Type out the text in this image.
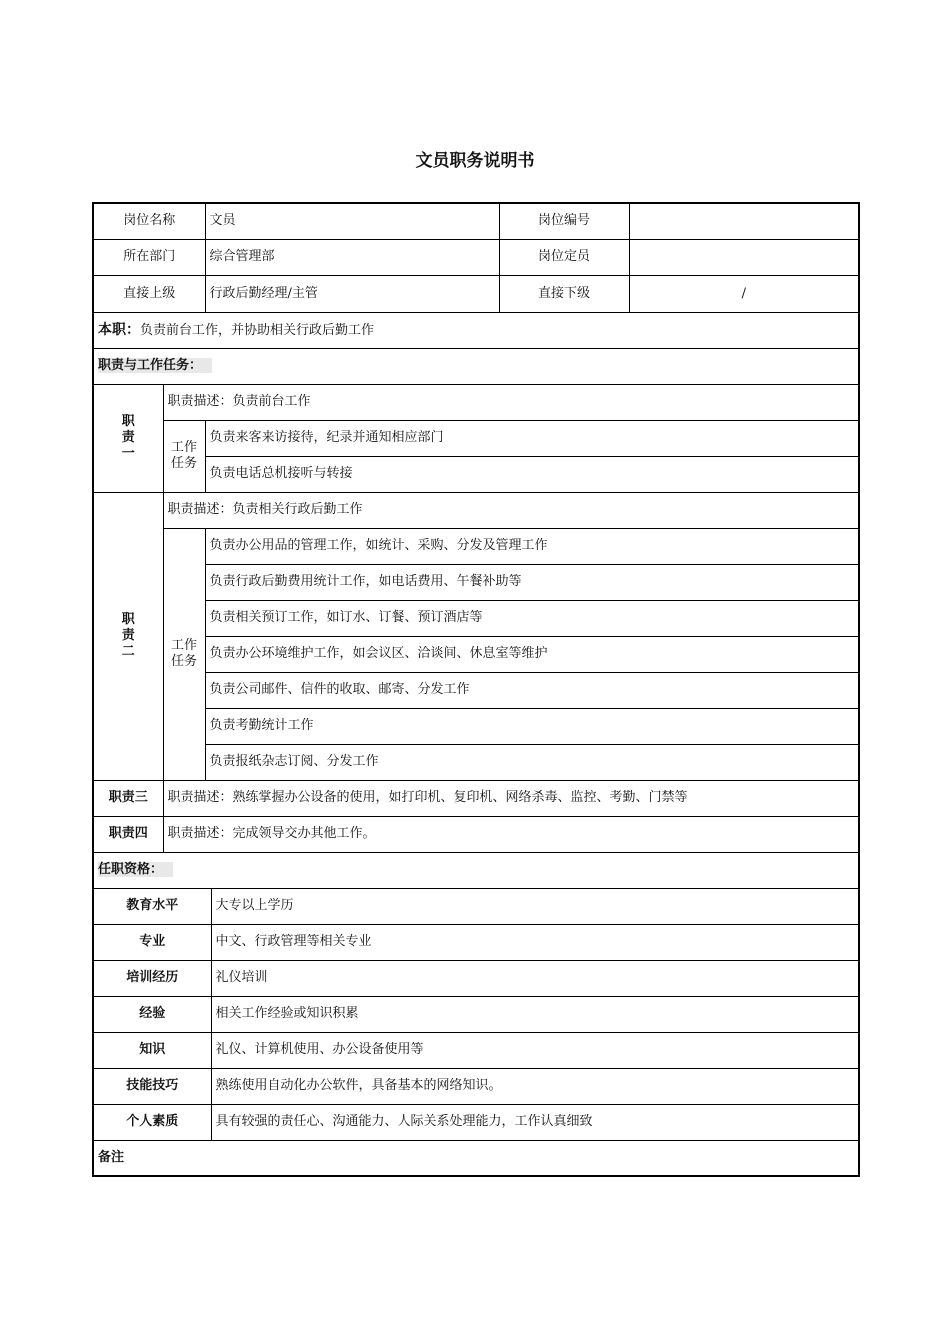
文员职务说明书
岗位名称		文员		岗位编号	
所在部门		综合管理部		岗位定员	
直接上级		行政后勤经理/主管		直接下级	/
本职：负责前台工作，并协助相关行政后勤工作					
职责与工作任务：					

职
责
一	职责描述：负责前台工作				

	工作
任务	负责来客来访接待，纪录并通知相应部门			
		负责电话总机接听与转接			

职
责
二	职责描述：负责相关行政后勤工作				

	工作
任务	负责办公用品的管理工作，如统计、采购、分发及管理工作			
		负责行政后勤费用统计工作，如电话费用、午餐补助等			
		负责相关预订工作，如订水、订餐、预订酒店等			
		负责办公环境维护工作，如会议区、洽谈间、休息室等维护			
		负责公司邮件、信件的收取、邮寄、分发工作			
		负责考勤统计工作			
		负责报纸杂志订阅、分发工作			
职责三	职责描述：熟练掌握办公设备的使用，如打印机、复印机、网络杀毒、监控、考勤、门禁等				
职责四	职责描述：完成领导交办其他工作。				
任职资格：					
教育水平			大专以上学历		
专业			中文、行政管理等相关专业		
培训经历			礼仪培训		
经验			相关工作经验或知识积累		
知识			礼仪、计算机使用、办公设备使用等		
技能技巧			熟练使用自动化办公软件，具备基本的网络知识。		
个人素质			具有较强的责任心、沟通能力、人际关系处理能力，工作认真细致		
备注					
